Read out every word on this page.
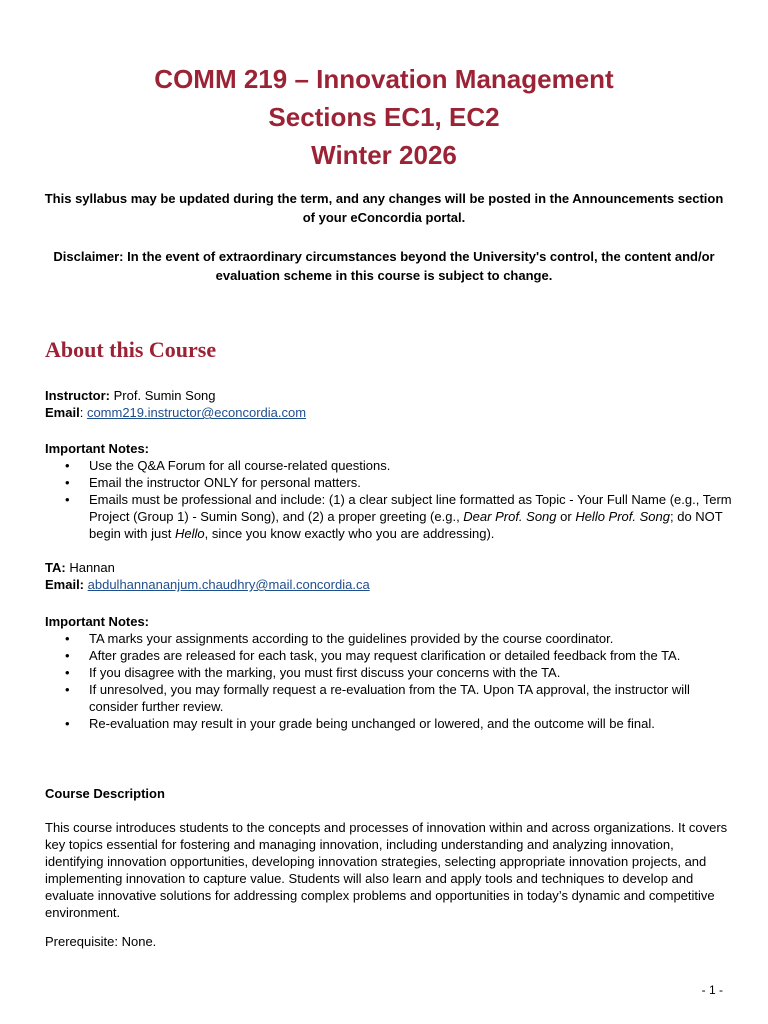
COMM 219 – Innovation Management
Sections EC1, EC2
Winter 2026
This syllabus may be updated during the term, and any changes will be posted in the Announcements section of your eConcordia portal.
Disclaimer: In the event of extraordinary circumstances beyond the University's control, the content and/or evaluation scheme in this course is subject to change.
About this Course
Instructor: Prof. Sumin Song
Email: comm219.instructor@econcordia.com
Important Notes:
• Use the Q&A Forum for all course-related questions.
• Email the instructor ONLY for personal matters.
• Emails must be professional and include: (1) a clear subject line formatted as Topic - Your Full Name (e.g., Term Project (Group 1) - Sumin Song), and (2) a proper greeting (e.g., Dear Prof. Song or Hello Prof. Song; do NOT begin with just Hello, since you know exactly who you are addressing).
TA: Hannan
Email: abdulhannananjum.chaudhry@mail.concordia.ca
Important Notes:
• TA marks your assignments according to the guidelines provided by the course coordinator.
• After grades are released for each task, you may request clarification or detailed feedback from the TA.
• If you disagree with the marking, you must first discuss your concerns with the TA.
• If unresolved, you may formally request a re-evaluation from the TA. Upon TA approval, the instructor will consider further review.
• Re-evaluation may result in your grade being unchanged or lowered, and the outcome will be final.
Course Description
This course introduces students to the concepts and processes of innovation within and across organizations. It covers key topics essential for fostering and managing innovation, including understanding and analyzing innovation, identifying innovation opportunities, developing innovation strategies, selecting appropriate innovation projects, and implementing innovation to capture value. Students will also learn and apply tools and techniques to develop and evaluate innovative solutions for addressing complex problems and opportunities in today’s dynamic and competitive environment.
Prerequisite: None.
- 1 -
